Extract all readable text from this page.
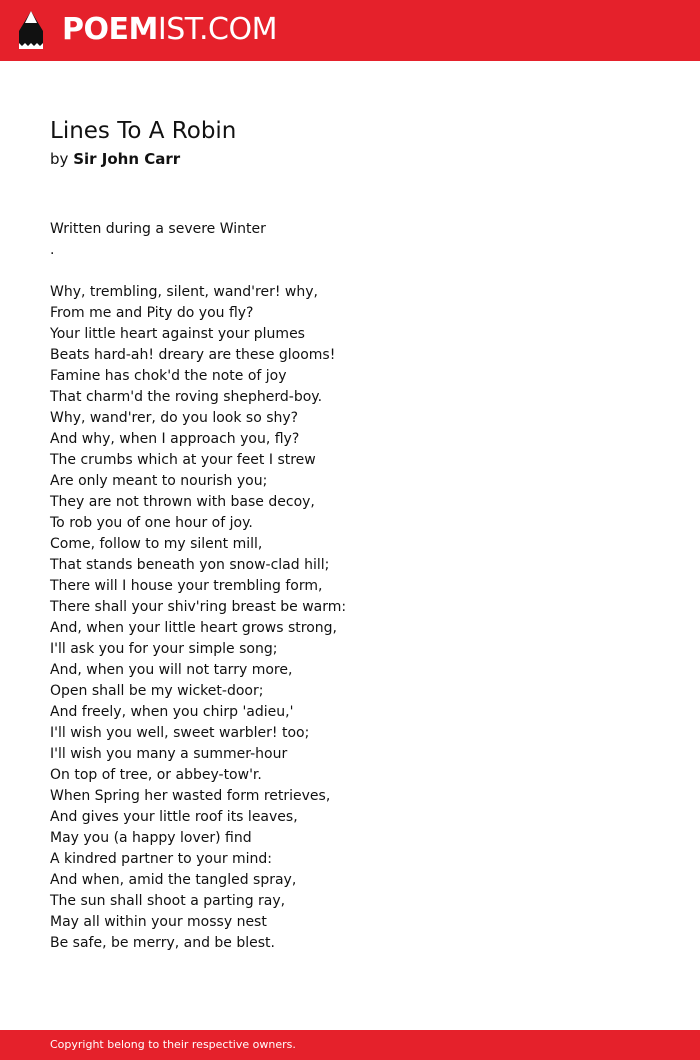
POEMIST.COM
Lines To A Robin
by Sir John Carr
Written during a severe Winter
.
Why, trembling, silent, wand'rer! why,
From me and Pity do you fly?
Your little heart against your plumes
Beats hard-ah! dreary are these glooms!
Famine has chok'd the note of joy
That charm'd the roving shepherd-boy.
Why, wand'rer, do you look so shy?
And why, when I approach you, fly?
The crumbs which at your feet I strew
Are only meant to nourish you;
They are not thrown with base decoy,
To rob you of one hour of joy.
Come, follow to my silent mill,
That stands beneath yon snow-clad hill;
There will I house your trembling form,
There shall your shiv'ring breast be warm:
And, when your little heart grows strong,
I'll ask you for your simple song;
And, when you will not tarry more,
Open shall be my wicket-door;
And freely, when you chirp 'adieu,'
I'll wish you well, sweet warbler! too;
I'll wish you many a summer-hour
On top of tree, or abbey-tow'r.
When Spring her wasted form retrieves,
And gives your little roof its leaves,
May you (a happy lover) find
A kindred partner to your mind:
And when, amid the tangled spray,
The sun shall shoot a parting ray,
May all within your mossy nest
Be safe, be merry, and be blest.
Copyright belong to their respective owners.
